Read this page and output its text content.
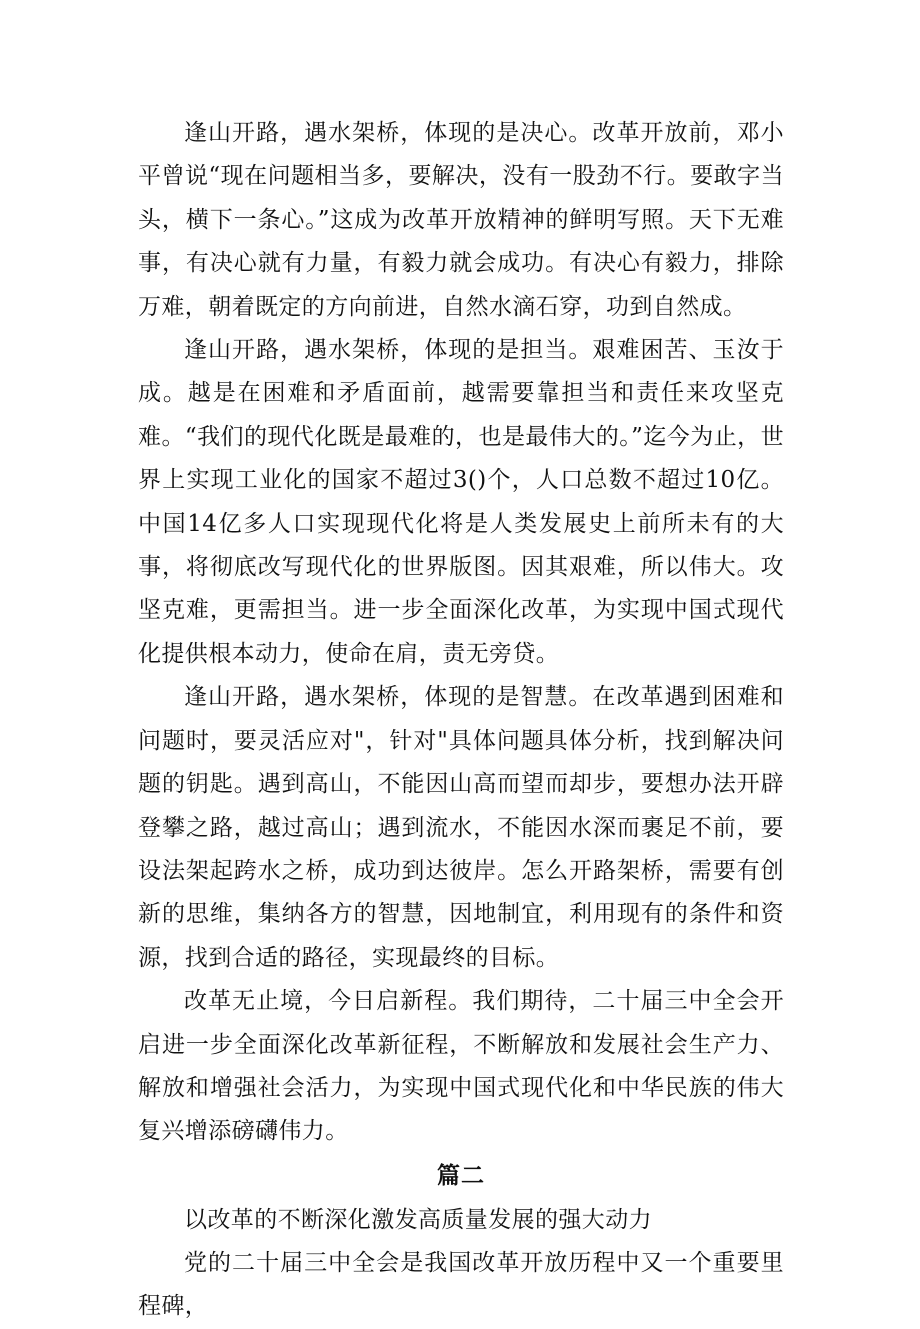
逢山开路，遇水架桥，体现的是决心。改革开放前，邓小平曾说“现在问题相当多，要解决，没有一股劲不行。要敢字当头，横下一条心。”这成为改革开放精神的鲜明写照。天下无难事，有决心就有力量，有毅力就会成功。有决心有毅力，排除万难，朝着既定的方向前进，自然水滴石穿，功到自然成。

逢山开路，遇水架桥，体现的是担当。艰难困苦、玉汝于成。越是在困难和矛盾面前，越需要靠担当和责任来攻坚克难。“我们的现代化既是最难的，也是最伟大的。”迄今为止，世界上实现工业化的国家不超过3()个，人口总数不超过10亿。中国14亿多人口实现现代化将是人类发展史上前所未有的大事，将彻底改写现代化的世界版图。因其艰难，所以伟大。攻坚克难，更需担当。进一步全面深化改革，为实现中国式现代化提供根本动力，使命在肩，责无旁贷。

逢山开路，遇水架桥，体现的是智慧。在改革遇到困难和问题时，要灵活应对"，针对"具体问题具体分析，找到解决问题的钥匙。遇到高山，不能因山高而望而却步，要想办法开辟登攀之路，越过高山；遇到流水，不能因水深而裹足不前，要设法架起跨水之桥，成功到达彼岸。怎么开路架桥，需要有创新的思维，集纳各方的智慧，因地制宜，利用现有的条件和资源，找到合适的路径，实现最终的目标。

改革无止境，今日启新程。我们期待，二十届三中全会开启进一步全面深化改革新征程，不断解放和发展社会生产力、解放和增强社会活力，为实现中国式现代化和中华民族的伟大复兴增添磅礴伟力。

篇二

以改革的不断深化激发高质量发展的强大动力

党的二十届三中全会是我国改革开放历程中又一个重要里程碑，
